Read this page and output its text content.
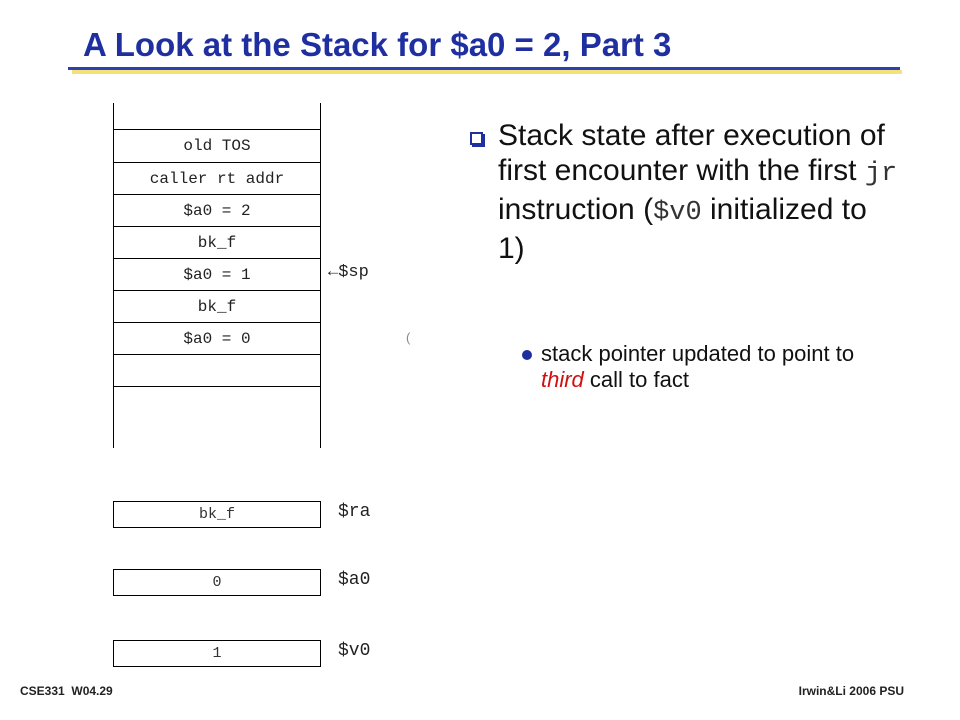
A Look at the Stack for $a0 = 2, Part 3
old TOS
caller rt addr
$a0 = 2
bk_f
$a0 = 1
bk_f
$a0 = 0
←$sp
(
bk_f	$ra
0	$a0
1	$v0
Stack state after execution of first encounter with the first jr instruction ($v0 initialized to 1)
stack pointer updated to point to third call to fact
CSE331  W04.29	Irwin&Li 2006 PSU
